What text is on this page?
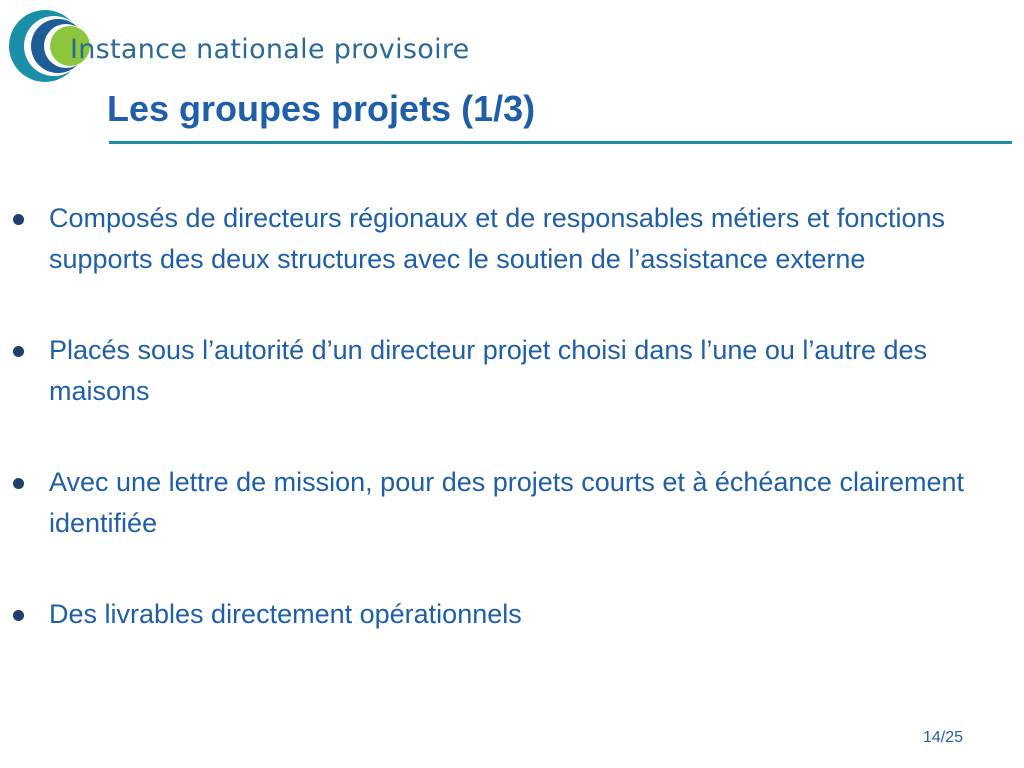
Instance nationale provisoire
Les groupes projets (1/3)
Composés de directeurs régionaux et de responsables métiers et fonctions supports des deux structures avec le soutien de l’assistance externe
Placés sous l’autorité d’un directeur projet choisi dans l’une ou l’autre des maisons
Avec une lettre de mission, pour des projets courts et à échéance clairement identifiée
Des livrables directement opérationnels
14/25
